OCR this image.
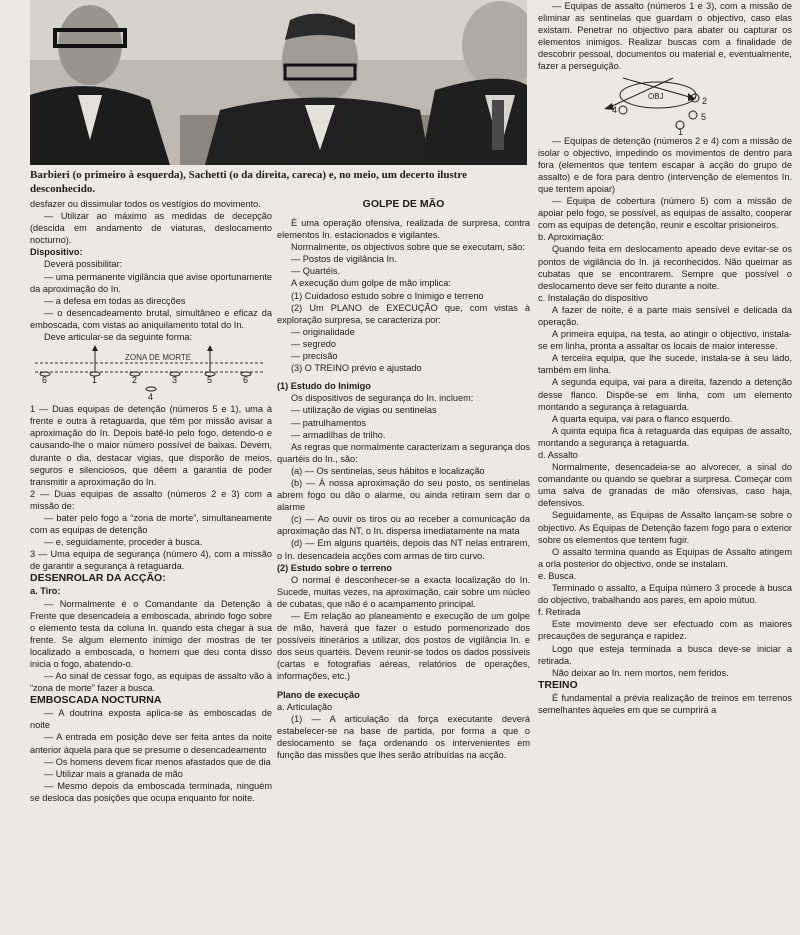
Barbieri (o primeiro à esquerda), Sachetti (o da direita, careca) e, no meio, um decerto ilustre desconhecido.

desfazer ou dissimular todos os vestígios do movimento.

— Utilizar ao máximo as medidas de decepção (descida em andamento de viaturas, deslocamento nocturno).

Dispositivo:

Deverá possibilitar:

— uma permanente vigilância que avise oportunamente da aproximação do In.

— a defesa em todas as direcções

— o desencadeamento brutal, simultâneo e eficaz da emboscada, com vistas ao aniquilamento total do In.

Deve articular-se da seguinte forma:

ZONA DE MORTE
6	1	2	3	5	6
4

1 — Duas equipas de detenção (números 5 e 1), uma à frente e outra à retaguarda, que têm por missão avisar a aproximação do In. Depois batê-lo pelo fogo, detendo-o e causando-lhe o maior número possível de baixas. Devem, durante o dia, destacar vigias, que disporão de meios, seguros e silenciosos, que dêem a garantia de poder transmitir a aproximação do In.

2 — Duas equipas de assalto (números 2 e 3) com a missão de:

— bater pelo fogo a “zona de morte”, simultaneamente com as equipas de detenção

— e, seguidamente, proceder à busca.

3 — Uma equipa de segurança (número 4), com a missão de garantir a segurança à retaguarda.

DESENROLAR DA ACÇÃO:

a. Tiro:

— Normalmente é o Comandante da Detenção à Frente que desencadeia a emboscada, abrindo fogo sobre o elemento testa da coluna In. quando esta chegar à sua frente. Se algum elemento inimigo der mostras de ter localizado a emboscada, o homem que deu conta disso inicia o fogo, abatendo-o.

— Ao sinal de cessar fogo, as equipas de assalto vão à “zona de morte” fazer a busca.

EMBOSCADA NOCTURNA

— A doutrina exposta aplica-se às emboscadas de noite

— A entrada em posição deve ser feita antes da noite anterior àquela para que se presume o desencadeamento

— Os homens devem ficar menos afastados que de dia

— Utilizar mais a granada de mão

— Mesmo depois da emboscada terminada, ninguém se desloca das posições que ocupa enquanto for noite.

GOLPE DE MÃO

É uma operação ofensiva, realizada de surpresa, contra elementos In. estacionados e vigilantes.

Normalmente, os objectivos sobre que se executam, são:

— Postos de vigilância In.

— Quartéis.

A execução dum golpe de mão implica:

(1) Cuidadoso estudo sobre o Inimigo e terreno

(2) Um PLANO de EXECUÇÃO que, com vistas à exploração surpresa, se caracteriza por:

— originalidade

— segredo

— precisão

(3) O TREINO prévio e ajustado

(1) Estudo do Inimigo

Os dispositivos de segurança do In. incluem:

— utilização de vigias ou sentinelas

— patrulhamentos

— armadilhas de trilho.

As regras que normalmente caracterizam a segurança dos quartéis do In., são:

(a) — Os sentinelas, seus hábitos e localização

(b) — À nossa aproximação do seu posto, os sentinelas abrem fogo ou dão o alarme, ou ainda retiram sem dar o alarme

(c) — Ao ouvir os tiros ou ao receber a comunicação da aproximação das NT, o In. dispersa imediatamente na mata

(d) — Em alguns quartéis, depois das NT nelas entrarem, o In. desencadeia acções com armas de tiro curvo.

(2) Estudo sobre o terreno

O normal é desconhecer-se a exacta localização do In. Sucede, muitas vezes, na aproximação, cair sobre um núcleo de cubatas, que não é o acampamento principal.

— Em relação ao planeamento e execução de um golpe de mão, haverá que fazer o estudo pormenorizado dos possíveis itinerários a utilizar, dos postos de vigilância In. e dos seus quartéis. Devem reunir-se todos os dados possíveis (cartas e fotografias aéreas, relatórios de operações, informações, etc.)

Plano de execução

a. Articulação

(1) — A articulação da força executante deverá estabelecer-se na base de partida, por forma a que o deslocamento se faça ordenando os intervenientes em função das missões que lhes serão atribuídas na acção.

— Equipas de assalto (números 1 e 3), com a missão de eliminar as sentinelas que guardam o objectivo, caso elas existam. Penetrar no objectivo para abater ou capturar os elementos inimigos. Realizar buscas com a finalidade de descobrir pessoal, documentos ou material e, eventualmente, fazer a perseguição.

OBJ	2
4
5
1

— Equipas de detenção (números 2 e 4) com a missão de isolar o objectivo, impedindo os movimentos de dentro para fora (elementos que tentem escapar à acção do grupo de assalto) e de fora para dentro (intervenção de elementos In. que tentem apoiar)

— Equipa de cobertura (número 5) com a missão de apoiar pelo fogo, se possível, as equipas de assalto, cooperar com as equipas de detenção, reunir e escoltar prisioneiros.

b. Aproximação:

Quando feita em deslocamento apeado deve evitar-se os pontos de vigilância do In. já reconhecidos. Não queimar as cubatas que se encontrarem. Sempre que possível o deslocamento deve ser feito durante a noite.

c. Instalação do dispositivo

A fazer de noite, é a parte mais sensível e delicada da operação.

A primeira equipa, na testa, ao atingir o objectivo, instala-se em linha, pronta a assaltar os locais de maior interesse.

A terceira equipa, que lhe sucede, instala-se à seu lado, também em linha.

A segunda equipa, vai para a direita, fazendo a detenção desse flanco. Dispõe-se em linha, com um elemento montando a segurança à retaguarda.

A quarta equipa, vai para o flanco esquerdo.

A quinta equipa fica à retaguarda das equipas de assalto, montando a segurança à retaguarda.

d. Assalto

Normalmente, desencadeia-se ao alvorecer, a sinal do comandante ou quando se quebrar a surpresa. Começar com uma salva de granadas de mão ofensivas, caso haja, defensivos.

Seguidamente, as Equipas de Assalto lançam-se sobre o objectivo. As Equipas de Detenção fazem fogo para o exterior sobre os elementos que tentem fugir.

O assalto termina quando as Equipas de Assalto atingem a orla posterior do objectivo, onde se instalam.

e. Busca.

Terminado o assalto, a Equipa número 3 procede à busca do objectivo, trabalhando aos pares, em apoio mútuo.

f. Retirada

Este movimento deve ser efectuado com as maiores precauções de segurança e rapidez.

Logo que esteja terminada a busca deve-se iniciar a retirada.

Não deixar ao In. nem mortos, nem feridos.

TREINO

É fundamental a prévia realização de treinos em terrenos semelhantes àqueles em que se cumprirá a
